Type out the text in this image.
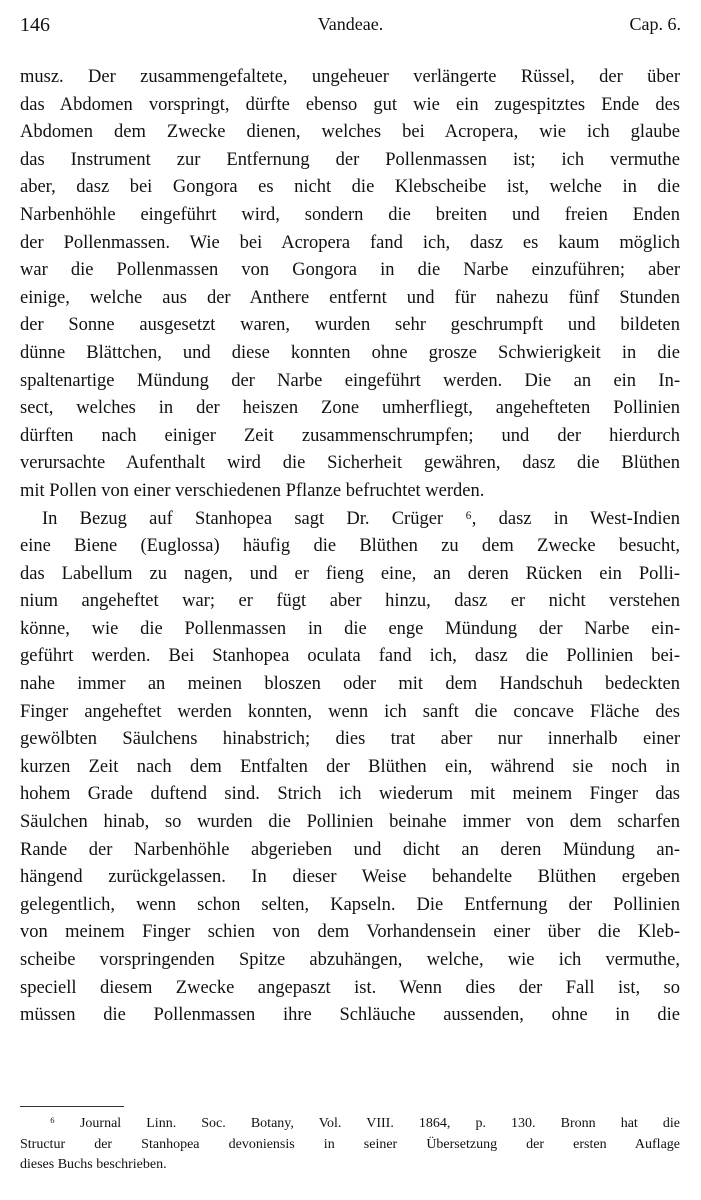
146	Vandeae.	Cap. 6.
musz. Der zusammengefaltete, ungeheuer verlängerte Rüssel, der über
das Abdomen vorspringt, dürfte ebenso gut wie ein zugespitztes Ende des
Abdomen dem Zwecke dienen, welches bei Acropera, wie ich glaube
das Instrument zur Entfernung der Pollenmassen ist; ich vermuthe
aber, dasz bei Gongora es nicht die Klebscheibe ist, welche in die
Narbenhöhle eingeführt wird, sondern die breiten und freien Enden
der Pollenmassen. Wie bei Acropera fand ich, dasz es kaum möglich
war die Pollenmassen von Gongora in die Narbe einzuführen; aber
einige, welche aus der Anthere entfernt und für nahezu fünf Stunden
der Sonne ausgesetzt waren, wurden sehr geschrumpft und bildeten
dünne Blättchen, und diese konnten ohne grosze Schwierigkeit in die
spaltenartige Mündung der Narbe eingeführt werden. Die an ein In-
sect, welches in der heiszen Zone umherfliegt, angehefteten Pollinien
dürften nach einiger Zeit zusammenschrumpfen; und der hierdurch
verursachte Aufenthalt wird die Sicherheit gewähren, dasz die Blüthen
mit Pollen von einer verschiedenen Pflanze befruchtet werden.
In Bezug auf Stanhopea sagt Dr. Crüger ⁶, dasz in West-Indien
eine Biene (Euglossa) häufig die Blüthen zu dem Zwecke besucht,
das Labellum zu nagen, und er fieng eine, an deren Rücken ein Polli-
nium angeheftet war; er fügt aber hinzu, dasz er nicht verstehen
könne, wie die Pollenmassen in die enge Mündung der Narbe ein-
geführt werden. Bei Stanhopea oculata fand ich, dasz die Pollinien bei-
nahe immer an meinen bloszen oder mit dem Handschuh bedeckten
Finger angeheftet werden konnten, wenn ich sanft die concave Fläche des
gewölbten Säulchens hinabstrich; dies trat aber nur innerhalb einer
kurzen Zeit nach dem Entfalten der Blüthen ein, während sie noch in
hohem Grade duftend sind. Strich ich wiederum mit meinem Finger das
Säulchen hinab, so wurden die Pollinien beinahe immer von dem scharfen
Rande der Narbenhöhle abgerieben und dicht an deren Mündung an-
hängend zurückgelassen. In dieser Weise behandelte Blüthen ergeben
gelegentlich, wenn schon selten, Kapseln. Die Entfernung der Pollinien
von meinem Finger schien von dem Vorhandensein einer über die Kleb-
scheibe vorspringenden Spitze abzuhängen, welche, wie ich vermuthe,
speciell diesem Zwecke angepaszt ist. Wenn dies der Fall ist, so
müssen die Pollenmassen ihre Schläuche aussenden, ohne in die
⁶ Journal Linn. Soc. Botany, Vol. VIII. 1864, p. 130. Bronn hat die
Structur der Stanhopea devoniensis in seiner Übersetzung der ersten Auflage
dieses Buchs beschrieben.
